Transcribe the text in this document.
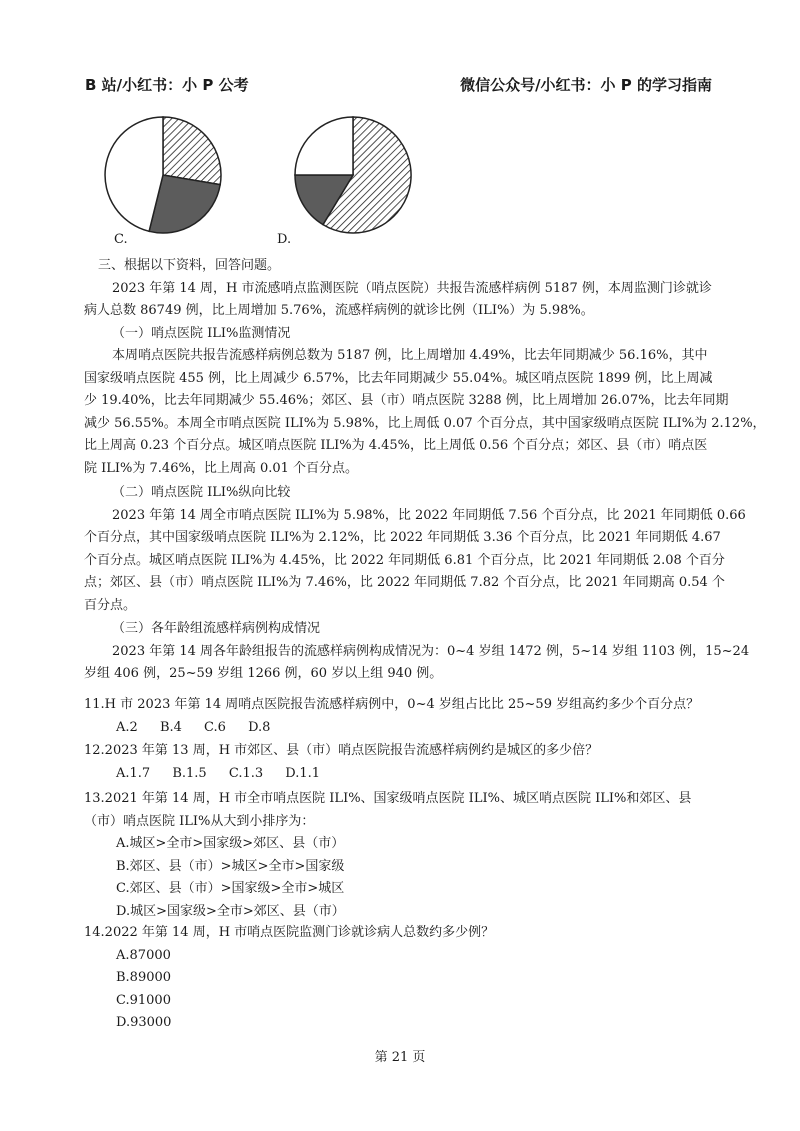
B 站/小红书：小 P 公考	微信公众号/小红书：小 P 的学习指南
C.	D.
三、根据以下资料，回答问题。
2023 年第 14 周，H 市流感哨点监测医院（哨点医院）共报告流感样病例 5187 例，本周监测门诊就诊
病人总数 86749 例，比上周增加 5.76%，流感样病例的就诊比例（ILI%）为 5.98%。
（一）哨点医院 ILI%监测情况
本周哨点医院共报告流感样病例总数为 5187 例，比上周增加 4.49%，比去年同期减少 56.16%，其中
国家级哨点医院 455 例，比上周减少 6.57%，比去年同期减少 55.04%。城区哨点医院 1899 例，比上周减
少 19.40%，比去年同期减少 55.46%；郊区、县（市）哨点医院 3288 例，比上周增加 26.07%，比去年同期
减少 56.55%。本周全市哨点医院 ILI%为 5.98%，比上周低 0.07 个百分点，其中国家级哨点医院 ILI%为 2.12%，
比上周高 0.23 个百分点。城区哨点医院 ILI%为 4.45%，比上周低 0.56 个百分点；郊区、县（市）哨点医
院 ILI%为 7.46%，比上周高 0.01 个百分点。
（二）哨点医院 ILI%纵向比较
2023 年第 14 周全市哨点医院 ILI%为 5.98%，比 2022 年同期低 7.56 个百分点，比 2021 年同期低 0.66
个百分点，其中国家级哨点医院 ILI%为 2.12%，比 2022 年同期低 3.36 个百分点，比 2021 年同期低 4.67
个百分点。城区哨点医院 ILI%为 4.45%，比 2022 年同期低 6.81 个百分点，比 2021 年同期低 2.08 个百分
点；郊区、县（市）哨点医院 ILI%为 7.46%，比 2022 年同期低 7.82 个百分点，比 2021 年同期高 0.54 个
百分点。
（三）各年龄组流感样病例构成情况
2023 年第 14 周各年龄组报告的流感样病例构成情况为：0~4 岁组 1472 例，5~14 岁组 1103 例，15~24
岁组 406 例，25~59 岁组 1266 例，60 岁以上组 940 例。
11.H 市 2023 年第 14 周哨点医院报告流感样病例中，0~4 岁组占比比 25~59 岁组高约多少个百分点？
A.2 B.4 C.6 D.8
12.2023 年第 13 周，H 市郊区、县（市）哨点医院报告流感样病例约是城区的多少倍？
A.1.7 B.1.5 C.1.3 D.1.1
13.2021 年第 14 周，H 市全市哨点医院 ILI%、国家级哨点医院 ILI%、城区哨点医院 ILI%和郊区、县
（市）哨点医院 ILI%从大到小排序为：
A.城区>全市>国家级>郊区、县（市）
B.郊区、县（市）>城区>全市>国家级
C.郊区、县（市）>国家级>全市>城区
D.城区>国家级>全市>郊区、县（市）
14.2022 年第 14 周，H 市哨点医院监测门诊就诊病人总数约多少例？
A.87000
B.89000
C.91000
D.93000
第 21 页
